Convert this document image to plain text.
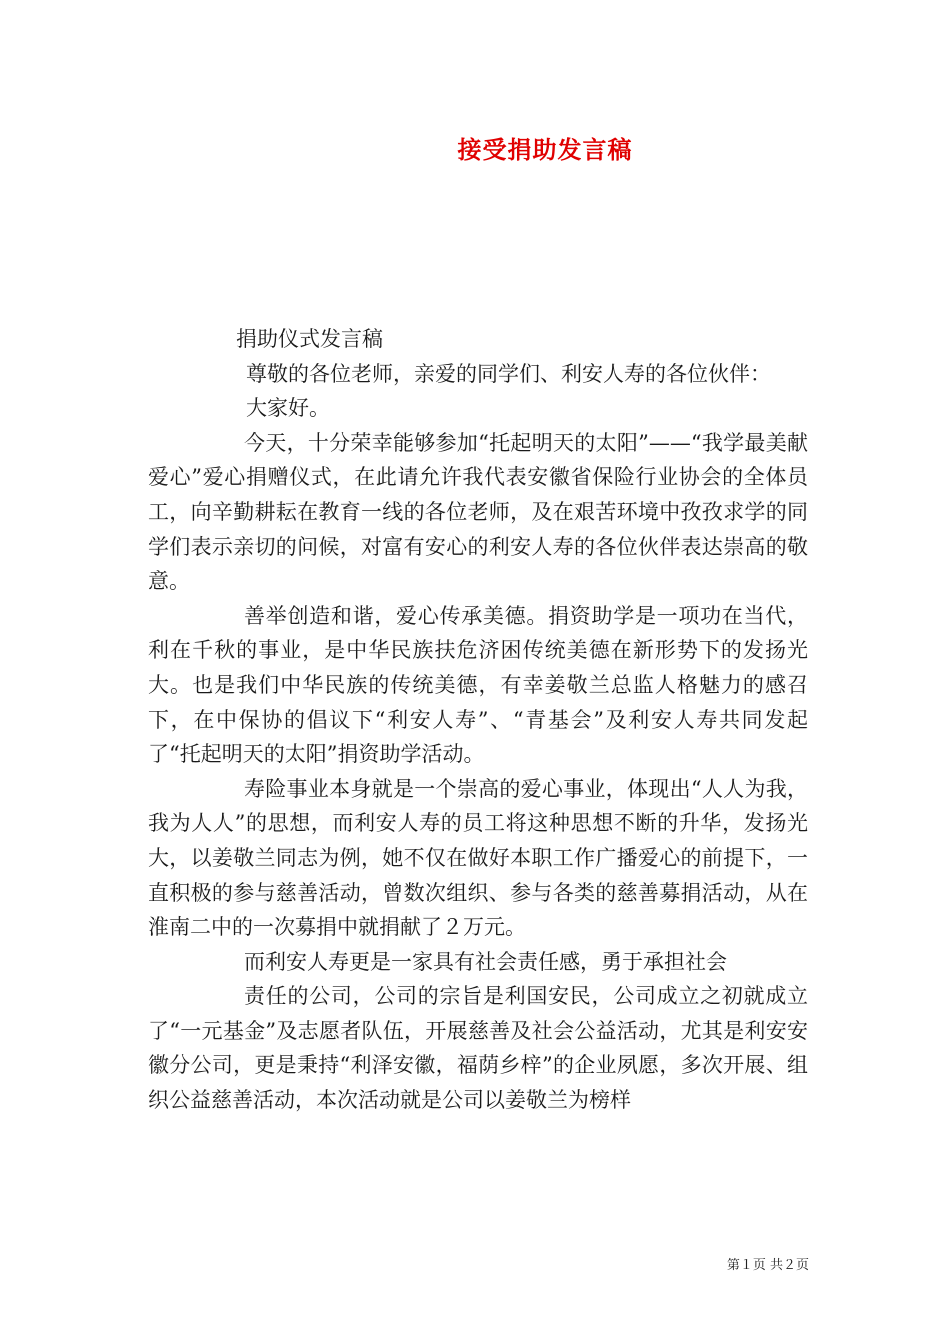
接受捐助发言稿

捐助仪式发言稿

尊敬的各位老师，亲爱的同学们、利安人寿的各位伙伴：

大家好。

今天，十分荣幸能够参加“托起明天的太阳”——“我学最美献爱心”爱心捐赠仪式，在此请允许我代表安徽省保险行业协会的全体员工，向辛勤耕耘在教育一线的各位老师，及在艰苦环境中孜孜求学的同学们表示亲切的问候，对富有安心的利安人寿的各位伙伴表达崇高的敬意。

善举创造和谐，爱心传承美德。捐资助学是一项功在当代，利在千秋的事业，是中华民族扶危济困传统美德在新形势下的发扬光大。也是我们中华民族的传统美德，有幸姜敬兰总监人格魅力的感召下，在中保协的倡议下“利安人寿”、“青基会”及利安人寿共同发起了“托起明天的太阳”捐资助学活动。

寿险事业本身就是一个崇高的爱心事业，体现出“人人为我，我为人人”的思想，而利安人寿的员工将这种思想不断的升华，发扬光大，以姜敬兰同志为例，她不仅在做好本职工作广播爱心的前提下，一直积极的参与慈善活动，曾数次组织、参与各类的慈善募捐活动，从在淮南二中的一次募捐中就捐献了２万元。

而利安人寿更是一家具有社会责任感，勇于承担社会

责任的公司，公司的宗旨是利国安民，公司成立之初就成立了“一元基金”及志愿者队伍，开展慈善及社会公益活动，尤其是利安安徽分公司，更是秉持“利泽安徽，福荫乡梓”的企业夙愿，多次开展、组织公益慈善活动，本次活动就是公司以姜敬兰为榜样

第１页 共２页
